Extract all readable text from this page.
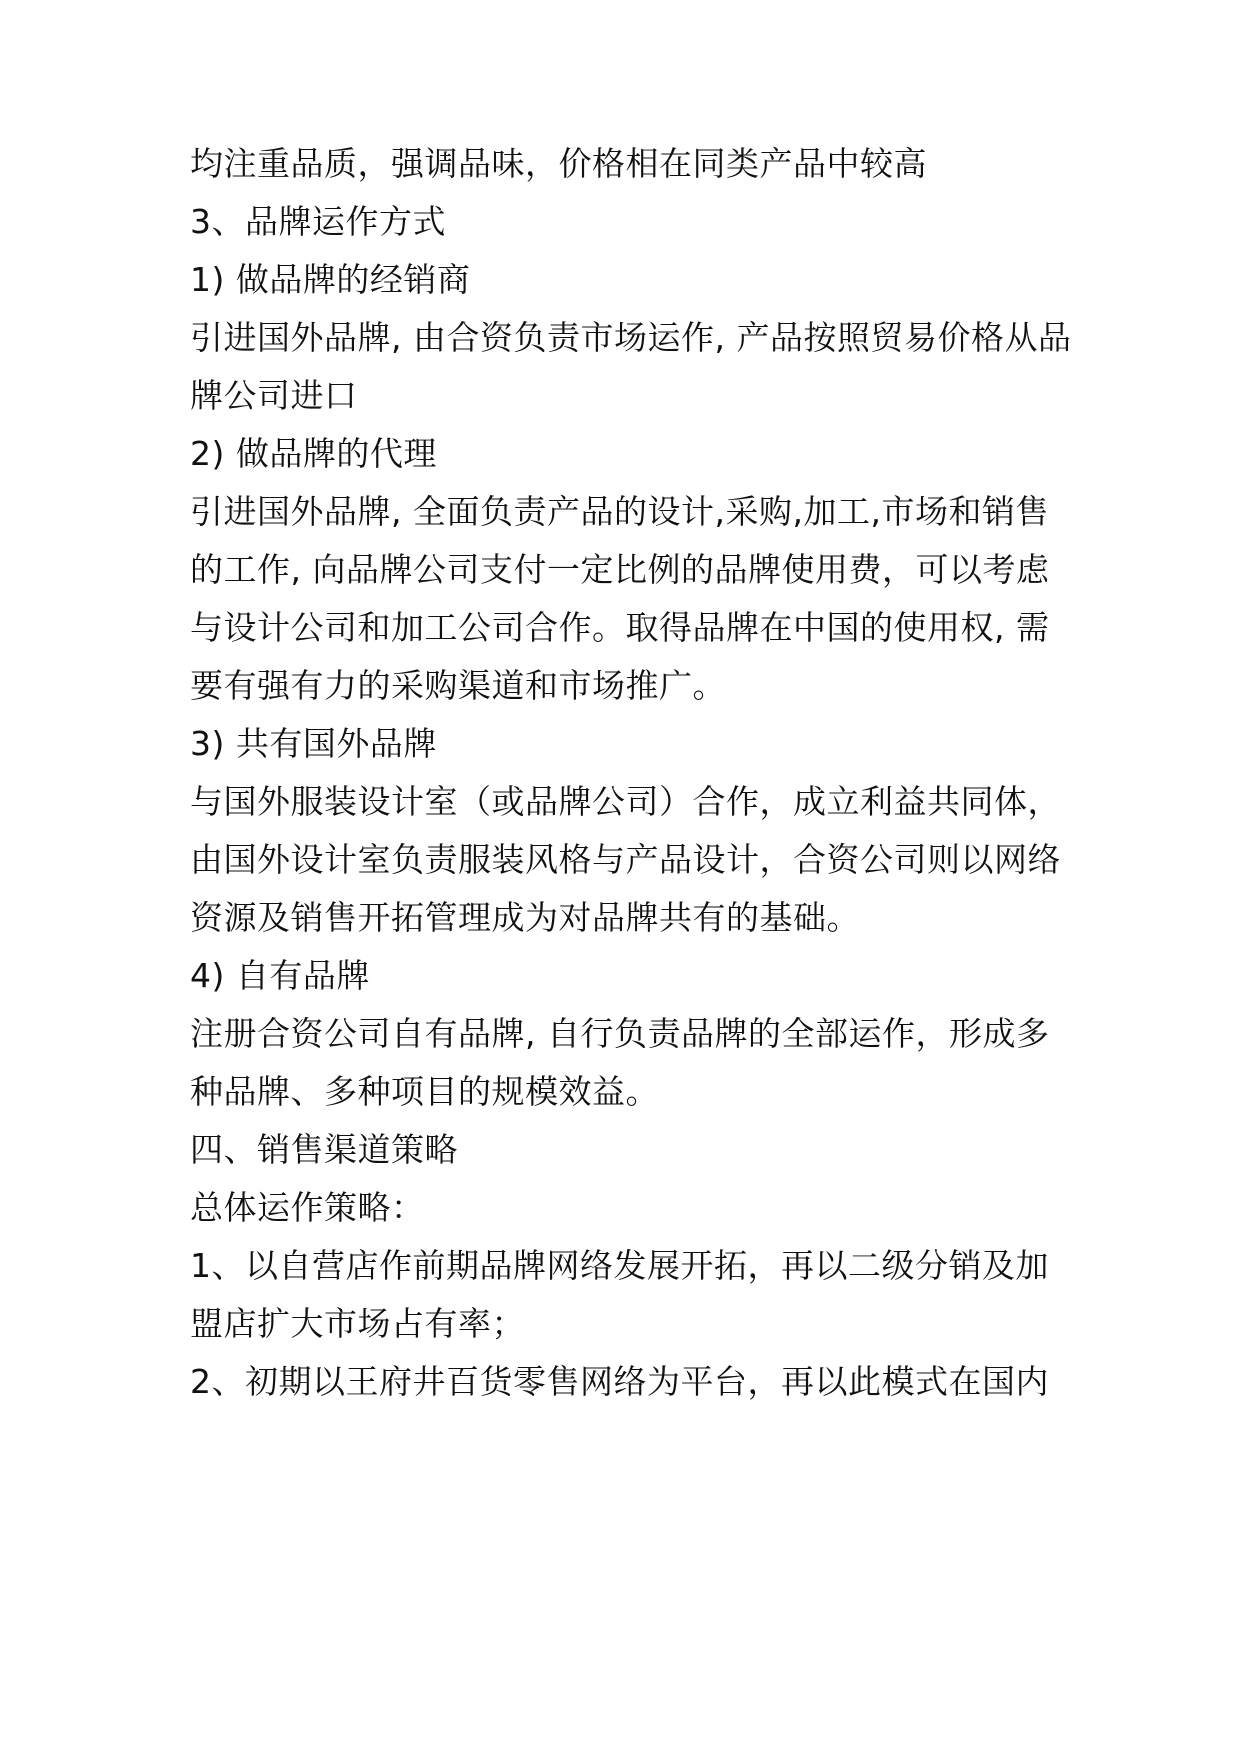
均注重品质，强调品味，价格相在同类产品中较高
3、品牌运作方式
1) 做品牌的经销商
引进国外品牌, 由合资负责市场运作, 产品按照贸易价格从品
牌公司进口
2) 做品牌的代理
引进国外品牌, 全面负责产品的设计,采购,加工,市场和销售
的工作, 向品牌公司支付一定比例的品牌使用费，可以考虑
与设计公司和加工公司合作。取得品牌在中国的使用权, 需
要有强有力的采购渠道和市场推广。
3) 共有国外品牌
与国外服装设计室（或品牌公司）合作，成立利益共同体，
由国外设计室负责服装风格与产品设计，合资公司则以网络
资源及销售开拓管理成为对品牌共有的基础。
4) 自有品牌
注册合资公司自有品牌, 自行负责品牌的全部运作，形成多
种品牌、多种项目的规模效益。
四、销售渠道策略
总体运作策略：
1、以自营店作前期品牌网络发展开拓，再以二级分销及加
盟店扩大市场占有率；
2、初期以王府井百货零售网络为平台，再以此模式在国内
